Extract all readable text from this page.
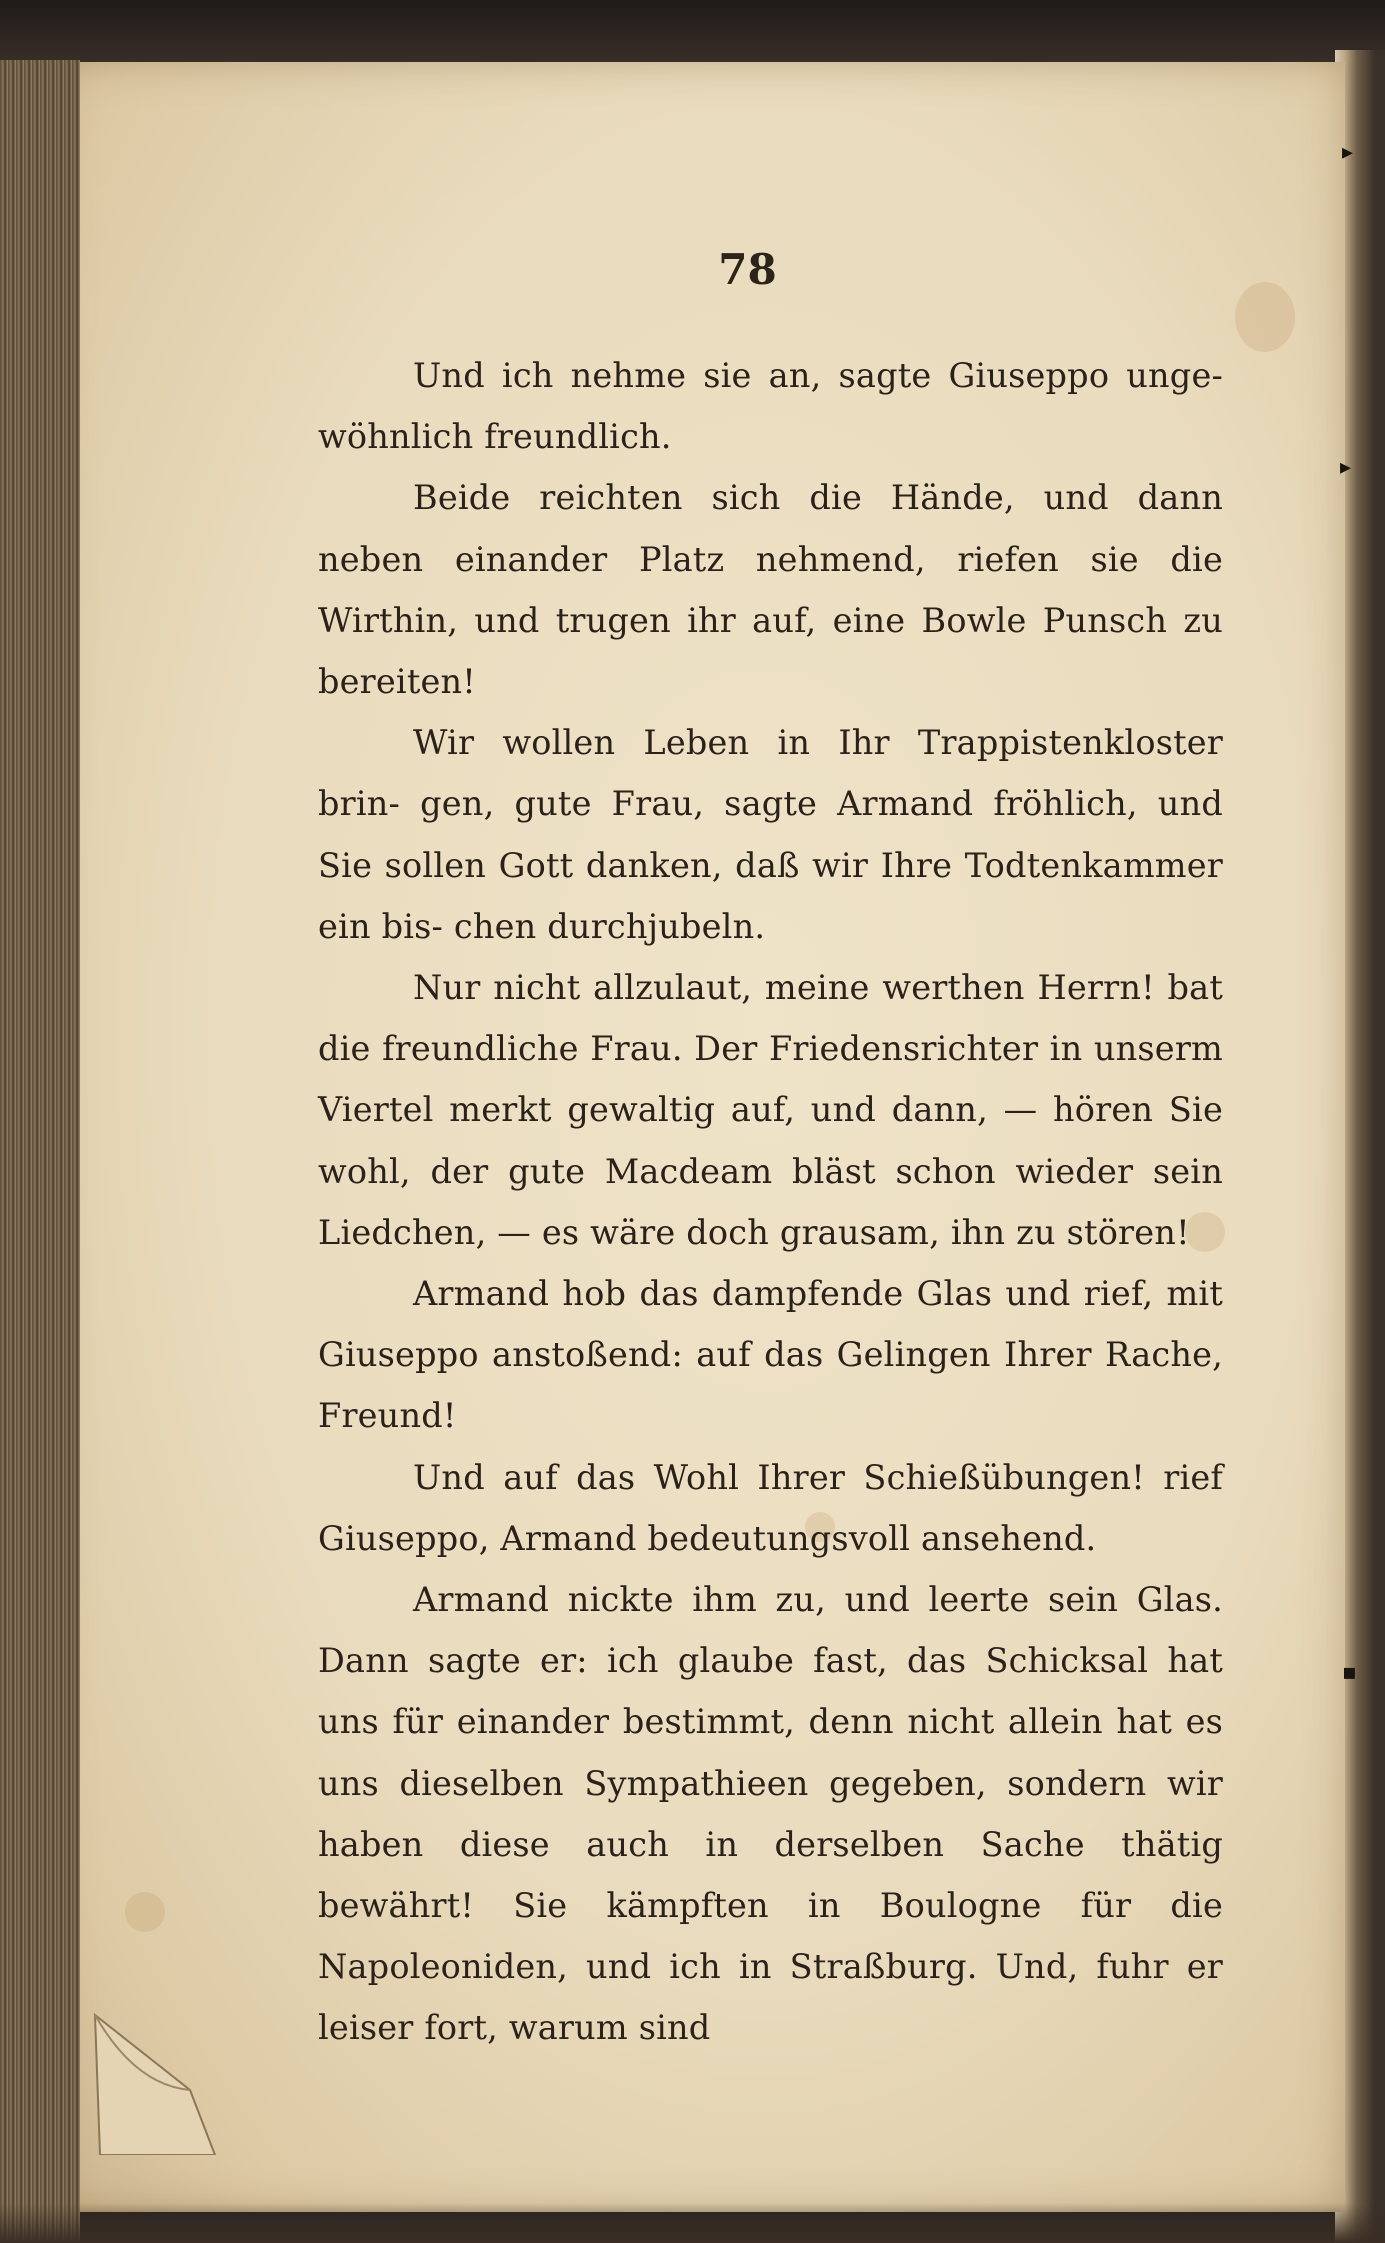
▸
▸
▪
78

Und ich nehme sie an, sagte Giuseppo unge‐ wöhnlich freundlich.

Beide reichten sich die Hände, und dann neben einander Platz nehmend, riefen sie die Wirthin, und trugen ihr auf, eine Bowle Punsch zu bereiten!

Wir wollen Leben in Ihr Trappistenkloster brin‐ gen, gute Frau, sagte Armand fröhlich, und Sie sollen Gott danken, daß wir Ihre Todtenkammer ein bis‐ chen durchjubeln.

Nur nicht allzulaut, meine werthen Herrn! bat die freundliche Frau. Der Friedensrichter in unserm Viertel merkt gewaltig auf, und dann, — hören Sie wohl, der gute Macdeam bläst schon wieder sein Liedchen, — es wäre doch grausam, ihn zu stören!

Armand hob das dampfende Glas und rief, mit Giuseppo anstoßend: auf das Gelingen Ihrer Rache, Freund!

Und auf das Wohl Ihrer Schießübungen! rief Giuseppo, Armand bedeutungsvoll ansehend.

Armand nickte ihm zu, und leerte sein Glas. Dann sagte er: ich glaube fast, das Schicksal hat uns für einander bestimmt, denn nicht allein hat es uns dieselben Sympathieen gegeben, sondern wir haben diese auch in derselben Sache thätig bewährt! Sie kämpften in Boulogne für die Napoleoniden, und ich in Straßburg. Und, fuhr er leiser fort, warum sind
